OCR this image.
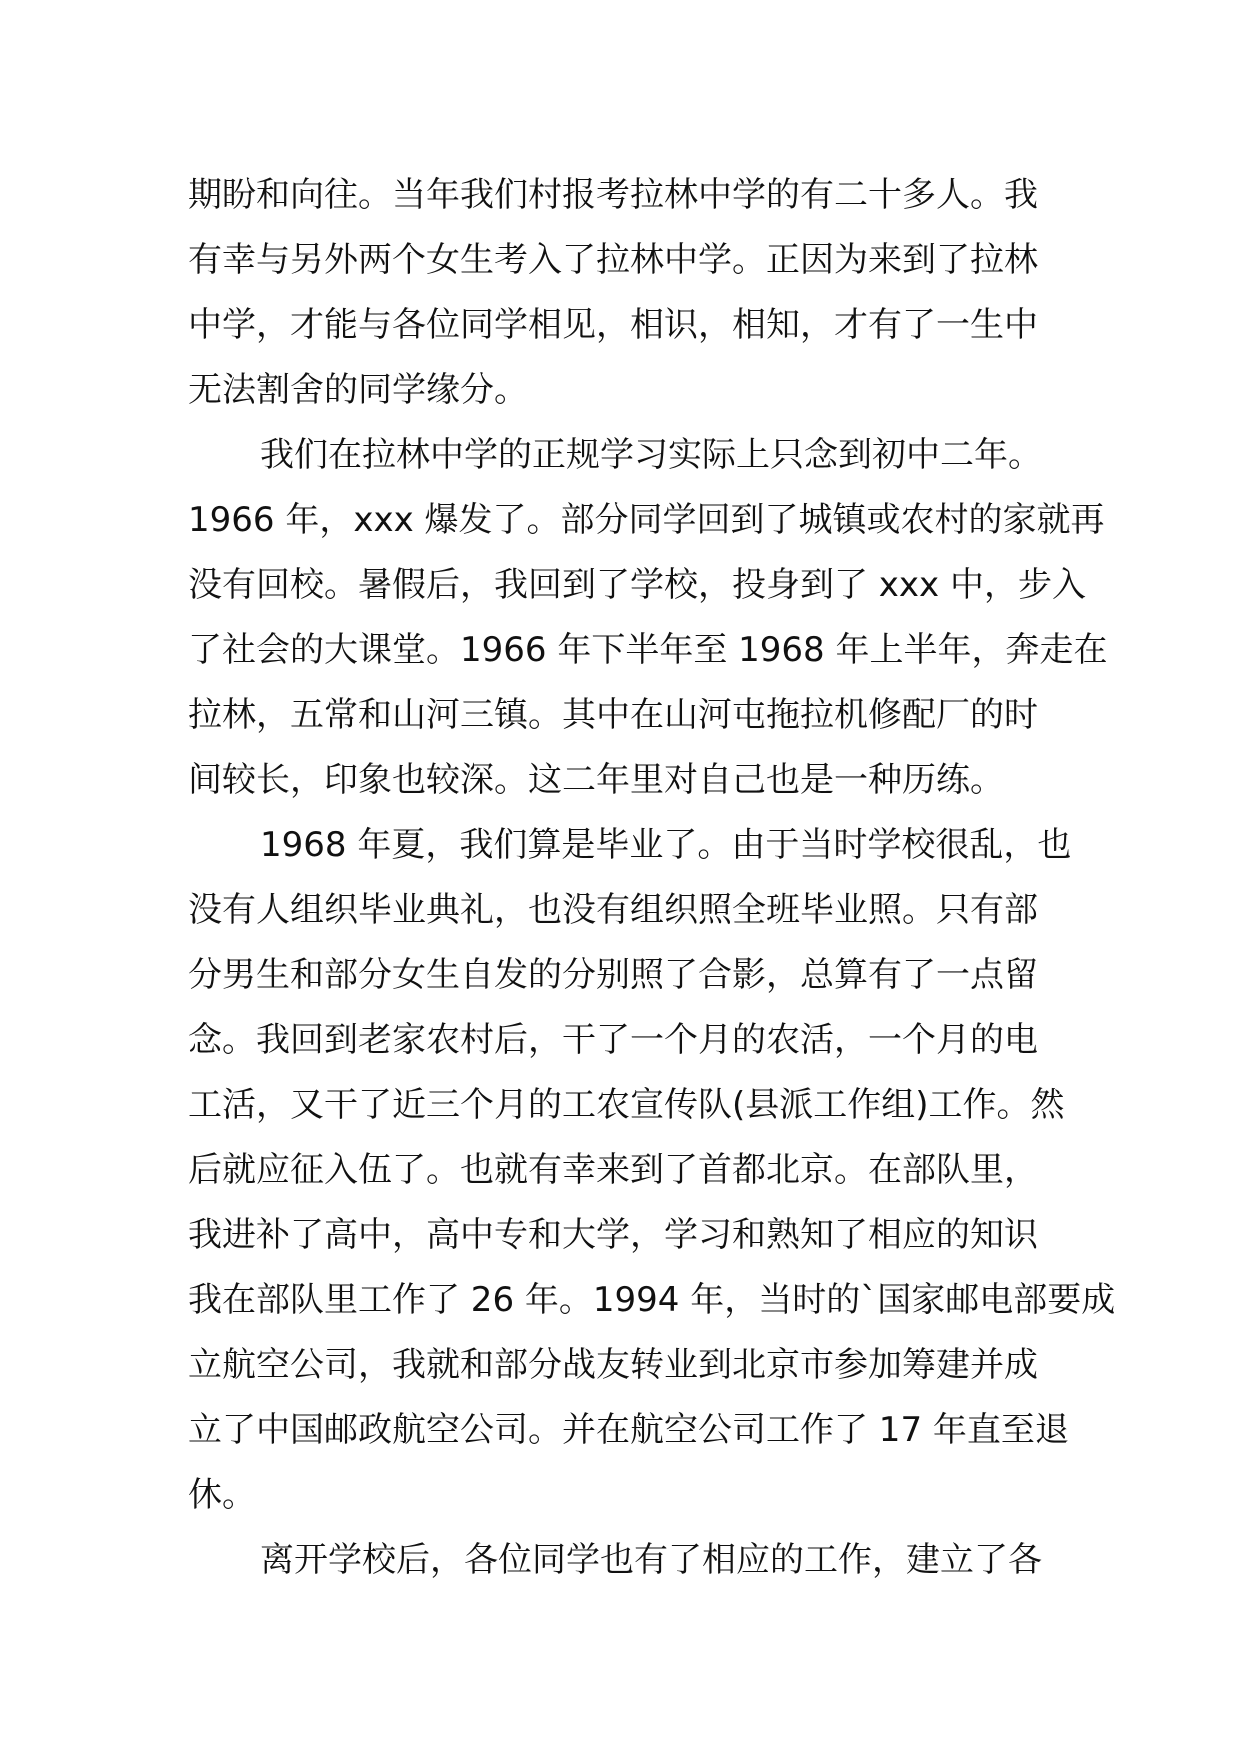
期盼和向往。当年我们村报考拉林中学的有二十多人。我
有幸与另外两个女生考入了拉林中学。正因为来到了拉林
中学，才能与各位同学相见，相识，相知，才有了一生中
无法割舍的同学缘分。
我们在拉林中学的正规学习实际上只念到初中二年。
1966 年，xxx 爆发了。部分同学回到了城镇或农村的家就再
没有回校。暑假后，我回到了学校，投身到了 xxx 中，步入
了社会的大课堂。1966 年下半年至 1968 年上半年，奔走在
拉林，五常和山河三镇。其中在山河屯拖拉机修配厂的时
间较长，印象也较深。这二年里对自己也是一种历练。
1968 年夏，我们算是毕业了。由于当时学校很乱，也
没有人组织毕业典礼，也没有组织照全班毕业照。只有部
分男生和部分女生自发的分别照了合影，总算有了一点留
念。我回到老家农村后，干了一个月的农活，一个月的电
工活，又干了近三个月的工农宣传队(县派工作组)工作。然
后就应征入伍了。也就有幸来到了首都北京。在部队里，
我进补了高中，高中专和大学，学习和熟知了相应的知识
我在部队里工作了 26 年。1994 年，当时的`国家邮电部要成
立航空公司，我就和部分战友转业到北京市参加筹建并成
立了中国邮政航空公司。并在航空公司工作了 17 年直至退
休。
离开学校后，各位同学也有了相应的工作，建立了各
